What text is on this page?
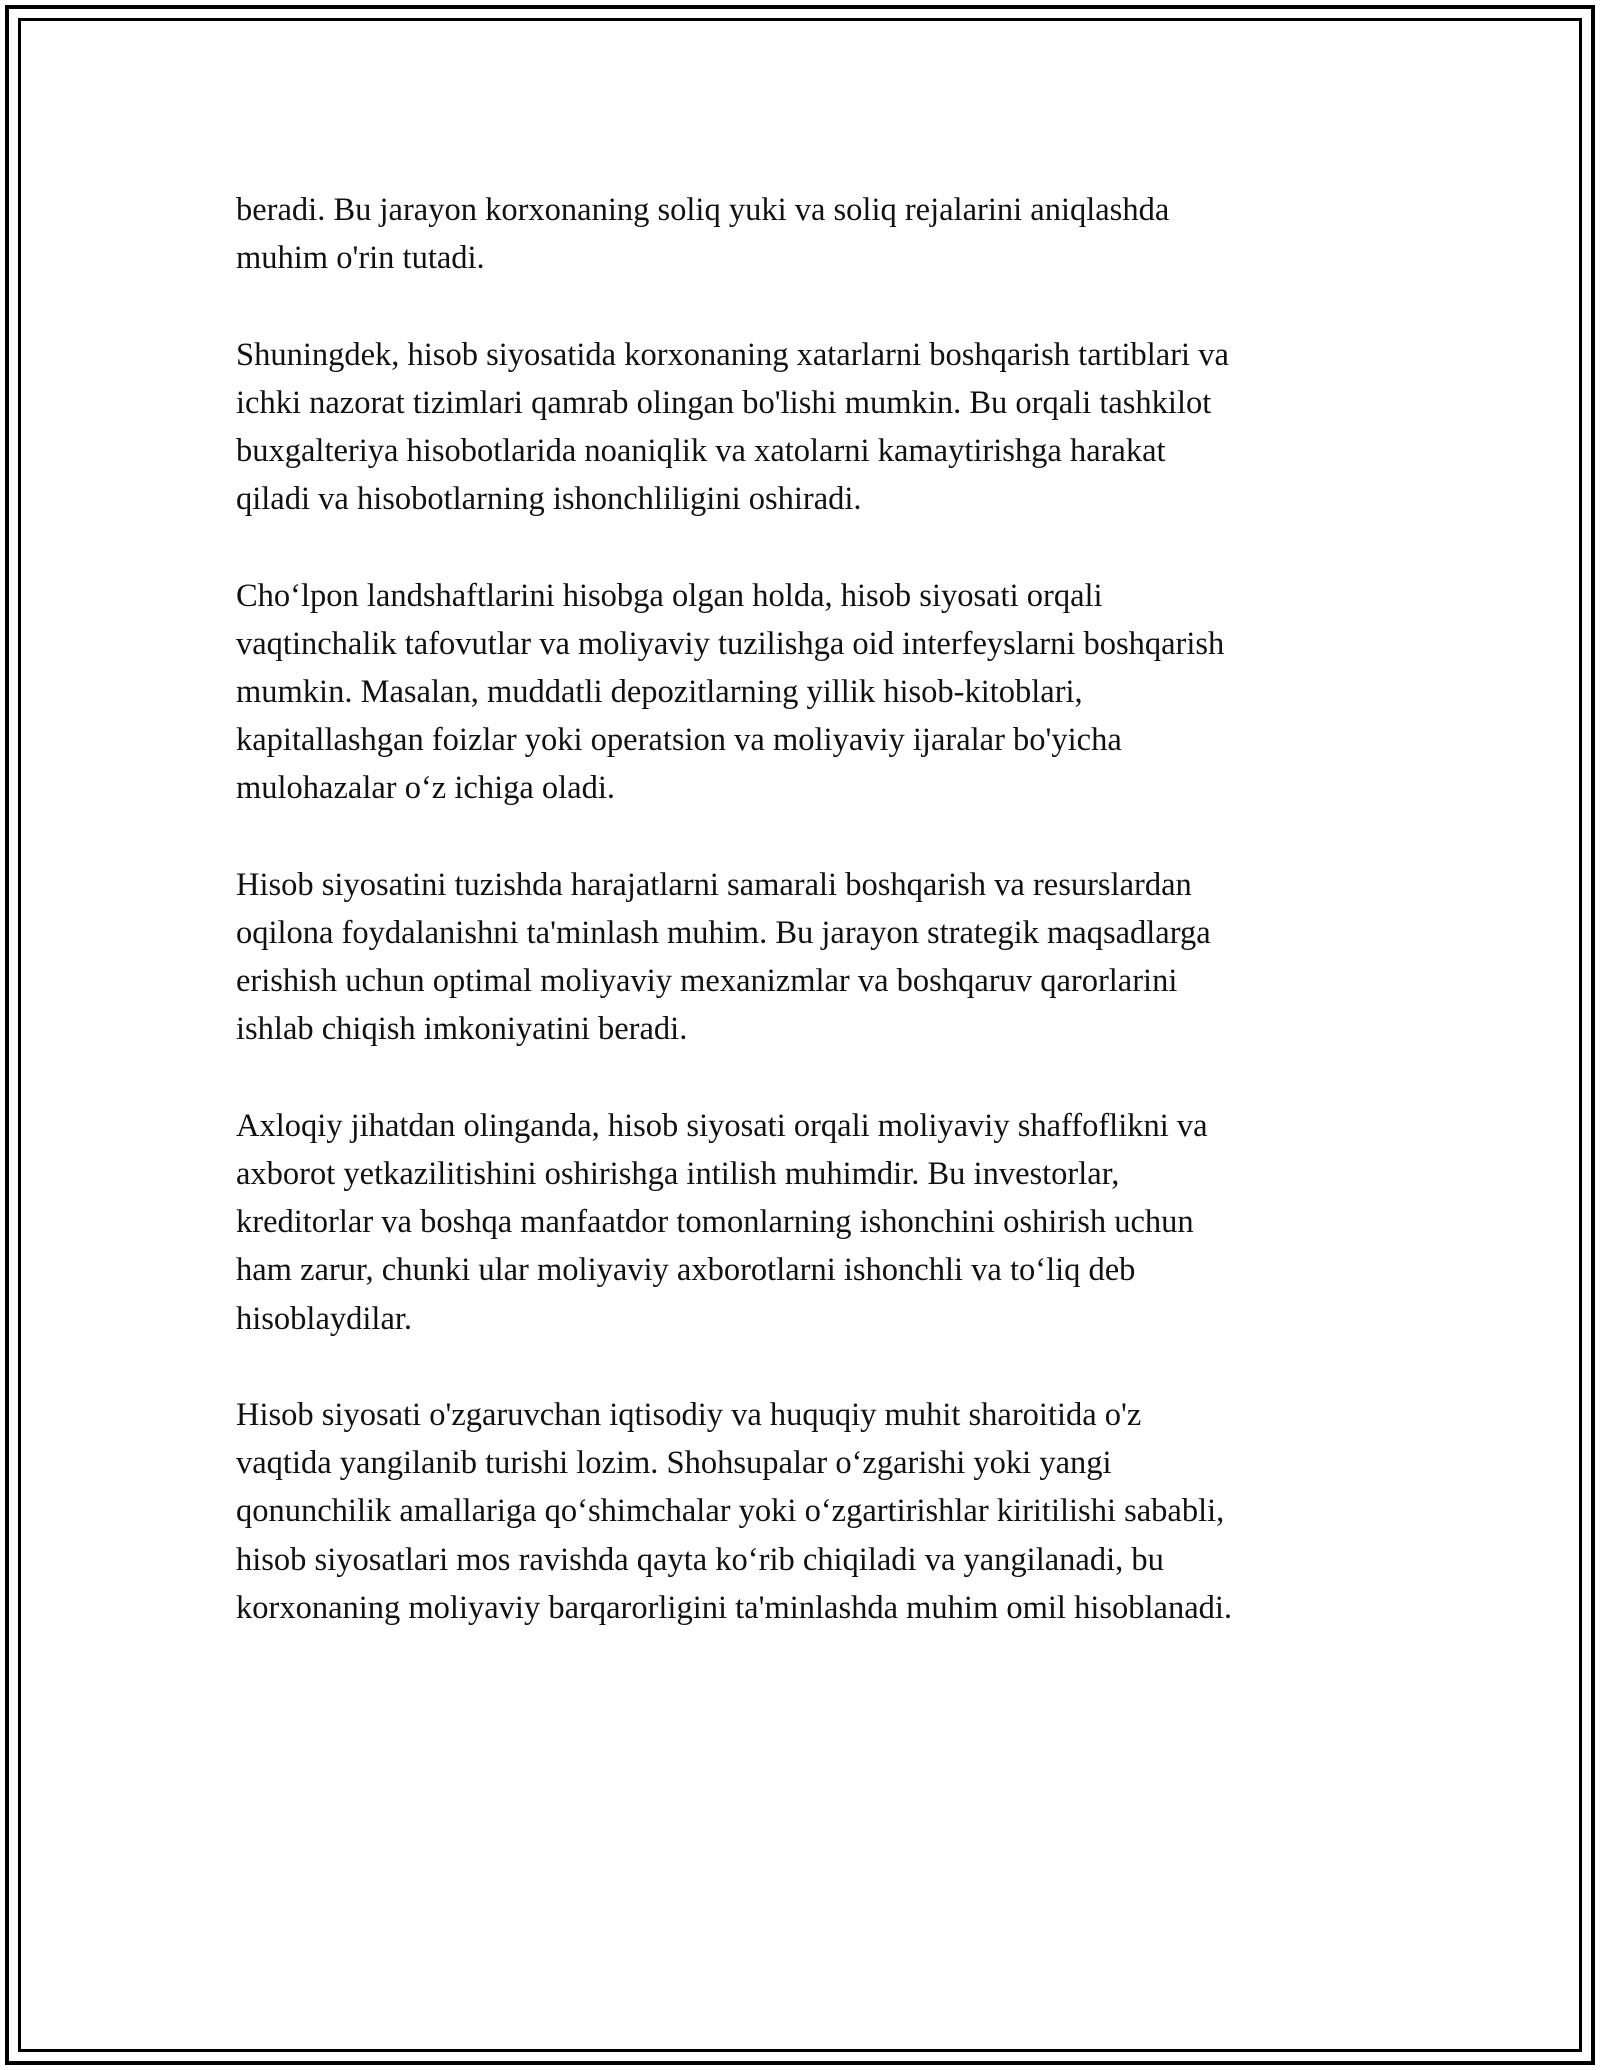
beradi. Bu jarayon korxonaning soliq yuki va soliq rejalarini aniqlashda
muhim o'rin tutadi.

Shuningdek, hisob siyosatida korxonaning xatarlarni boshqarish tartiblari va
ichki nazorat tizimlari qamrab olingan bo'lishi mumkin. Bu orqali tashkilot
buxgalteriya hisobotlarida noaniqlik va xatolarni kamaytirishga harakat
qiladi va hisobotlarning ishonchliligini oshiradi.

Cho‘lpon landshaftlarini hisobga olgan holda, hisob siyosati orqali
vaqtinchalik tafovutlar va moliyaviy tuzilishga oid interfeyslarni boshqarish
mumkin. Masalan, muddatli depozitlarning yillik hisob-kitoblari,
kapitallashgan foizlar yoki operatsion va moliyaviy ijaralar bo'yicha
mulohazalar o‘z ichiga oladi.

Hisob siyosatini tuzishda harajatlarni samarali boshqarish va resurslardan
oqilona foydalanishni ta'minlash muhim. Bu jarayon strategik maqsadlarga
erishish uchun optimal moliyaviy mexanizmlar va boshqaruv qarorlarini
ishlab chiqish imkoniyatini beradi.

Axloqiy jihatdan olinganda, hisob siyosati orqali moliyaviy shaffoflikni va
axborot yetkazilitishini oshirishga intilish muhimdir. Bu investorlar,
kreditorlar va boshqa manfaatdor tomonlarning ishonchini oshirish uchun
ham zarur, chunki ular moliyaviy axborotlarni ishonchli va to‘liq deb
hisoblaydilar.

Hisob siyosati o'zgaruvchan iqtisodiy va huquqiy muhit sharoitida o'z
vaqtida yangilanib turishi lozim. Shohsupalar o‘zgarishi yoki yangi
qonunchilik amallariga qo‘shimchalar yoki o‘zgartirishlar kiritilishi sababli,
hisob siyosatlari mos ravishda qayta ko‘rib chiqiladi va yangilanadi, bu
korxonaning moliyaviy barqarorligini ta'minlashda muhim omil hisoblanadi.
